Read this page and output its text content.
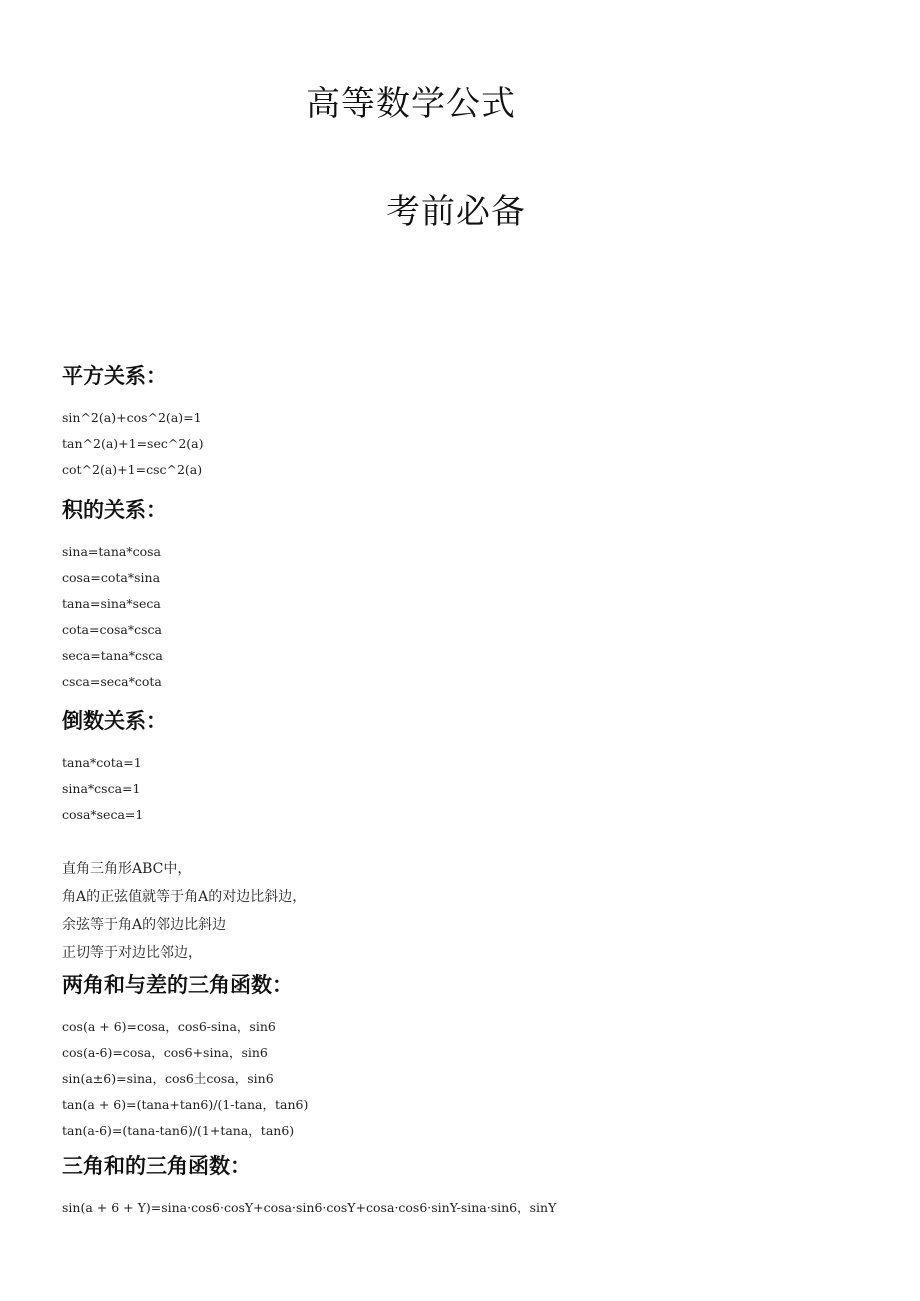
高等数学公式
考前必备
平方关系：
sin^2(a)+cos^2(a)=1
tan^2(a)+1=sec^2(a)
cot^2(a)+1=csc^2(a)
积的关系：
sina=tana*cosa
cosa=cota*sina
tana=sina*seca
cota=cosa*csca
seca=tana*csca
csca=seca*cota
倒数关系：
tana*cota=1
sina*csca=1
cosa*seca=1
直角三角形ABC中，
角A的正弦值就等于角A的对边比斜边，
余弦等于角A的邻边比斜边
正切等于对边比邻边，
两角和与差的三角函数：
cos(a + 6)=cosa，cos6-sina，sin6
cos(a-6)=cosa，cos6+sina，sin6
sin(a±6)=sina，cos6土cosa，sin6
tan(a + 6)=(tana+tan6)/(1-tana，tan6)
tan(a-6)=(tana-tan6)/(1+tana，tan6)
三角和的三角函数：
sin(a + 6 + Y)=sina·cos6·cosY+cosa·sin6·cosY+cosa·cos6·sinY-sina·sin6，sinY
